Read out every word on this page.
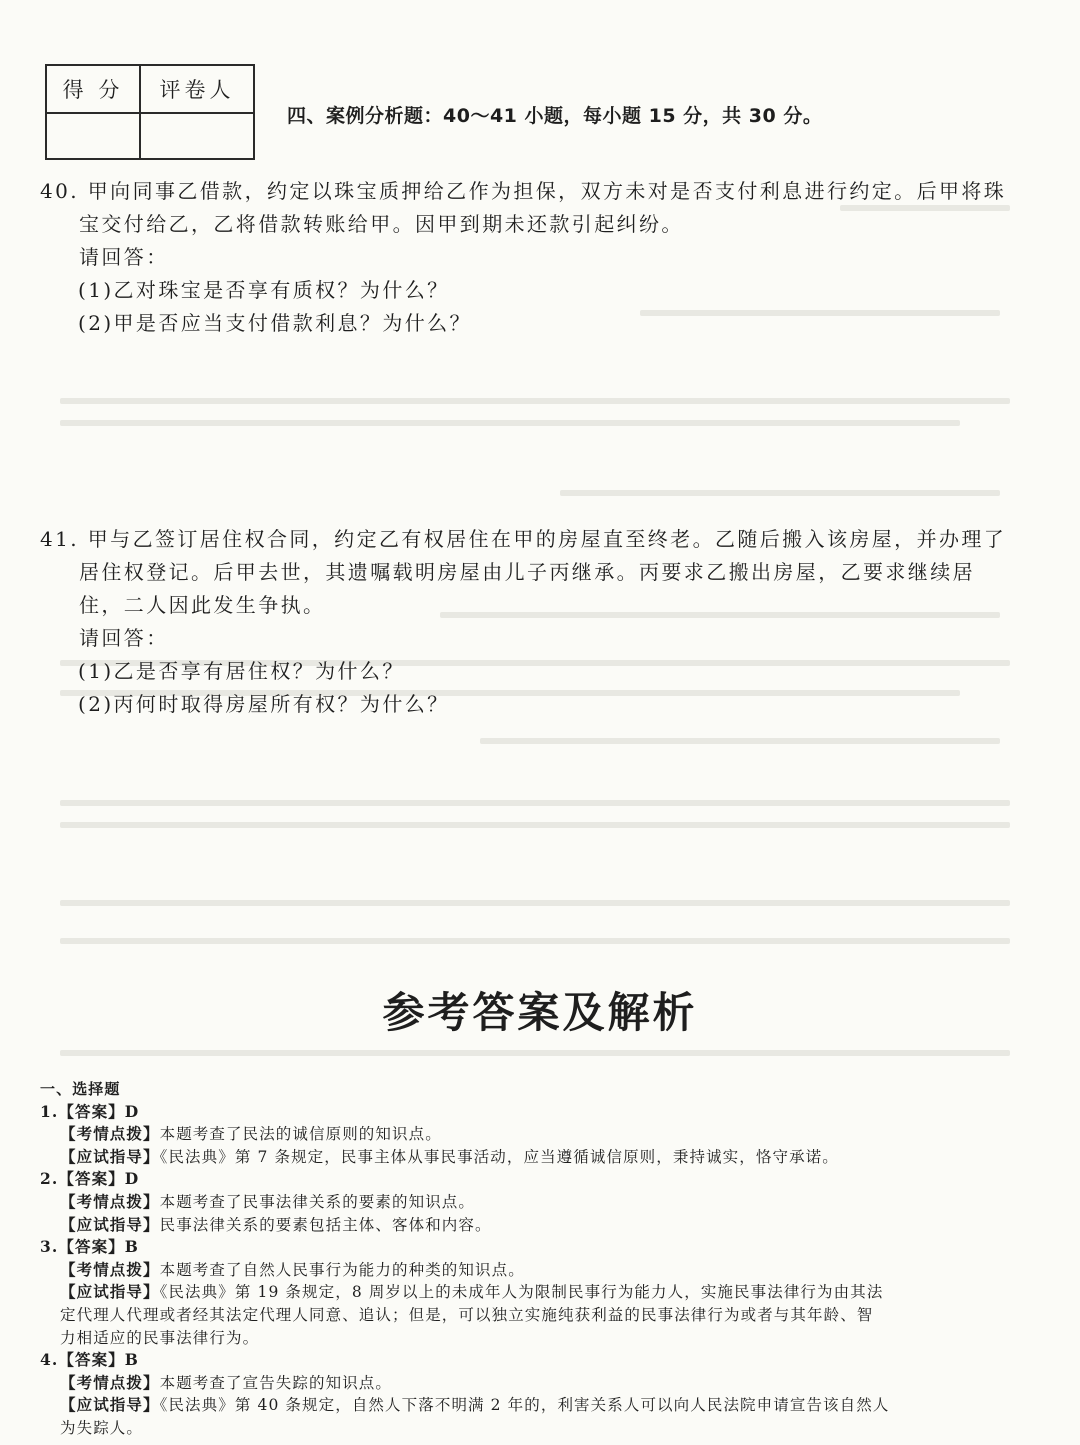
得 分	评卷人

四、案例分析题：40～41 小题，每小题 15 分，共 30 分。

40. 甲向同事乙借款，约定以珠宝质押给乙作为担保，双方未对是否支付利息进行约定。后甲将珠

宝交付给乙，乙将借款转账给甲。因甲到期未还款引起纠纷。

请回答：

(1)乙对珠宝是否享有质权？为什么？

(2)甲是否应当支付借款利息？为什么？

41. 甲与乙签订居住权合同，约定乙有权居住在甲的房屋直至终老。乙随后搬入该房屋，并办理了

居住权登记。后甲去世，其遗嘱载明房屋由儿子丙继承。丙要求乙搬出房屋，乙要求继续居

住，二人因此发生争执。

请回答：

(1)乙是否享有居住权？为什么？

(2)丙何时取得房屋所有权？为什么？

参考答案及解析
一、选择题
1.【答案】D
【考情点拨】本题考查了民法的诚信原则的知识点。
【应试指导】《民法典》第 7 条规定，民事主体从事民事活动，应当遵循诚信原则，秉持诚实，恪守承诺。
2.【答案】D
【考情点拨】本题考查了民事法律关系的要素的知识点。
【应试指导】民事法律关系的要素包括主体、客体和内容。
3.【答案】B
【考情点拨】本题考查了自然人民事行为能力的种类的知识点。
【应试指导】《民法典》第 19 条规定，8 周岁以上的未成年人为限制民事行为能力人，实施民事法律行为由其法
定代理人代理或者经其法定代理人同意、追认；但是，可以独立实施纯获利益的民事法律行为或者与其年龄、智
力相适应的民事法律行为。
4.【答案】B
【考情点拨】本题考查了宣告失踪的知识点。
【应试指导】《民法典》第 40 条规定，自然人下落不明满 2 年的，利害关系人可以向人民法院申请宣告该自然人
为失踪人。
